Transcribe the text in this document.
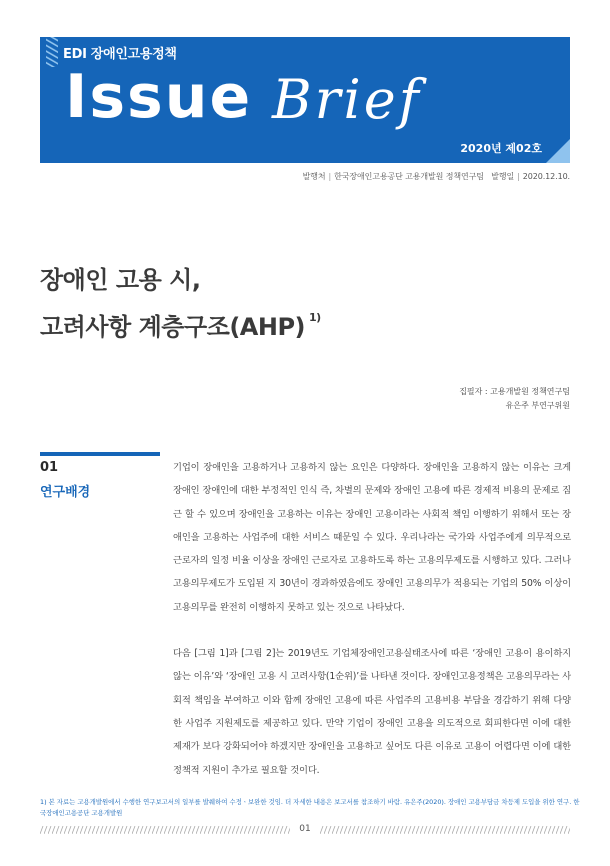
EDI 장애인고용정책
Issue Brief
2020년 제02호
발행처 | 한국장애인고용공단 고용개발원 정책연구팀 발행일 | 2020.12.10.
장애인 고용 시,
고려사항 계층구조(AHP) $^{1)}$
집필자 : 고용개발원 정책연구팀
유은주 부연구위원
01
연구배경

기업이 장애인을 고용하거나 고용하지 않는 요인은 다양하다. 장애인을 고용하지 않는 이유는 크게 장애인 장애인에 대한 부정적인 인식 즉, 차별의 문제와 장애인 고용에 따른 경제적 비용의 문제로 짐근 할 수 있으며 장애인을 고용하는 이유는 장애인 고용이라는 사회적 책임 이행하기 위해서 또는 장애인을 고용하는 사업주에 대한 서비스 때문일 수 있다. 우리나라는 국가와 사업주에게 의무적으로 근로자의 일정 비율 이상을 장애인 근로자로 고용하도록 하는 고용의무제도를 시행하고 있다. 그러나 고용의무제도가 도입된 지 30년이 경과하였음에도 장애인 고용의무가 적용되는 기업의 50% 이상이 고용의무를 완전히 이행하지 못하고 있는 것으로 나타났다.

다음 [그림 1]과 [그림 2]는 2019년도 기업체장애인고용실태조사에 따른 ‘장애인 고용이 용이하지 않는 이유’와 ‘장애인 고용 시 고려사항(1순위)’를 나타낸 것이다. 장애인고용정책은 고용의무라는 사회적 책임을 부여하고 이와 함께 장애인 고용에 따른 사업주의 고용비용 부담을 경감하기 위해 다양한 사업주 지원제도를 제공하고 있다. 만약 기업이 장애인 고용을 의도적으로 회피한다면 이에 대한 제재가 보다 강화되어야 하겠지만 장애인을 고용하고 싶어도 다른 이유로 고용이 어렵다면 이에 대한 정책적 지원이 추가로 필요할 것이다.

1) 본 자료는 고용개발원에서 수행한 연구보고서의 일부를 발췌하여 수정ㆍ보완한 것임. 더 자세한 내용은 보고서를 참조하기 바람. 유은주(2020). 장애인 고용부담금 차등제 도입을 위한 연구. 한국장애인고용공단 고용개발원
01
